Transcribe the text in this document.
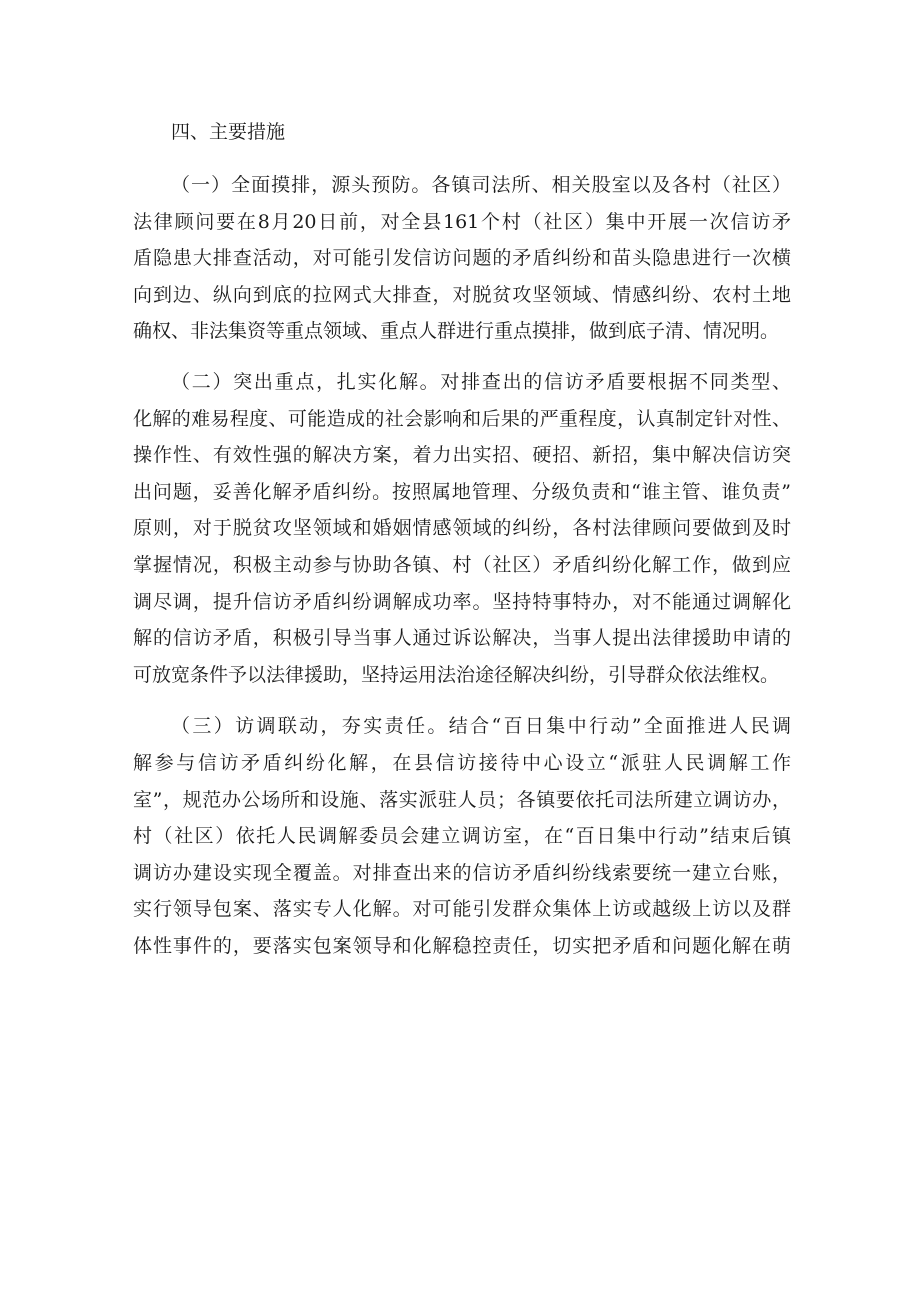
四、主要措施

（一）全面摸排，源头预防。各镇司法所、相关股室以及各村（社区）
法律顾问要在8月20日前，对全县161个村（社区）集中开展一次信访矛
盾隐患大排查活动，对可能引发信访问题的矛盾纠纷和苗头隐患进行一次横
向到边、纵向到底的拉网式大排查，对脱贫攻坚领域、情感纠纷、农村土地
确权、非法集资等重点领域、重点人群进行重点摸排，做到底子清、情况明。
（二）突出重点，扎实化解。对排查出的信访矛盾要根据不同类型、
化解的难易程度、可能造成的社会影响和后果的严重程度，认真制定针对性、
操作性、有效性强的解决方案，着力出实招、硬招、新招，集中解决信访突
出问题，妥善化解矛盾纠纷。按照属地管理、分级负责和“谁主管、谁负责”
原则，对于脱贫攻坚领域和婚姻情感领域的纠纷，各村法律顾问要做到及时
掌握情况，积极主动参与协助各镇、村（社区）矛盾纠纷化解工作，做到应
调尽调，提升信访矛盾纠纷调解成功率。坚持特事特办，对不能通过调解化
解的信访矛盾，积极引导当事人通过诉讼解决，当事人提出法律援助申请的
可放宽条件予以法律援助，坚持运用法治途径解决纠纷，引导群众依法维权。
（三）访调联动，夯实责任。结合“百日集中行动”全面推进人民调
解参与信访矛盾纠纷化解，在县信访接待中心设立“派驻人民调解工作
室”，规范办公场所和设施、落实派驻人员；各镇要依托司法所建立调访办，
村（社区）依托人民调解委员会建立调访室，在“百日集中行动”结束后镇
调访办建设实现全覆盖。对排查出来的信访矛盾纠纷线索要统一建立台账，
实行领导包案、落实专人化解。对可能引发群众集体上访或越级上访以及群
体性事件的，要落实包案领导和化解稳控责任，切实把矛盾和问题化解在萌
